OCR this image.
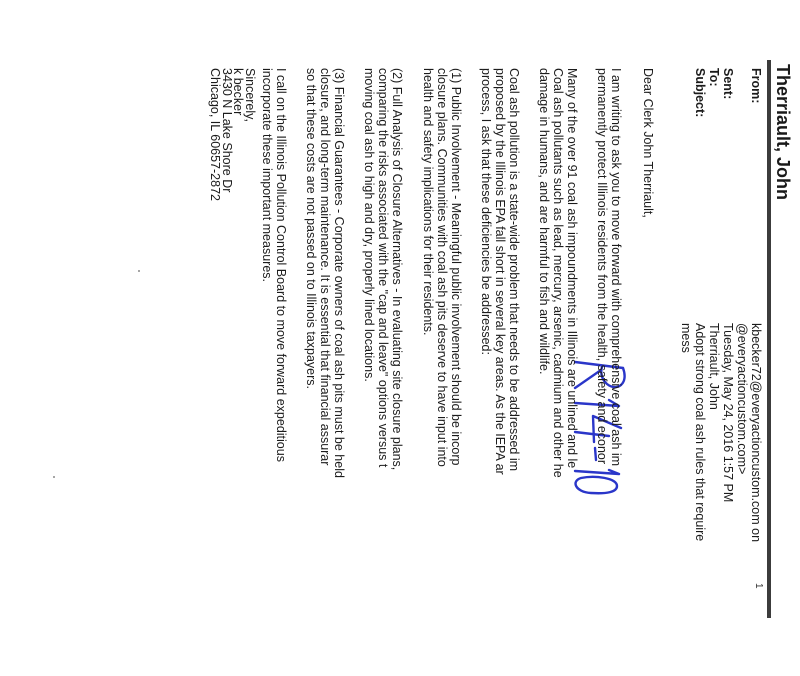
Therriault, John
From:
kbecker72@everyactioncustom.com on
@everyactioncustom.com>
Sent:
Tuesday, May 24, 2016 1:57 PM
To:
Therriault, John
Subject:
Adopt strong coal ash rules that require
mess
Dear Clerk John Therriault,
I am writing to ask you to move forward with comprehensive coal ash im
permanently protect Illinois residents from the health, safety and econor
Many of the over 91 coal ash impoundments in Illinois are unlined and le
Coal ash pollutants such as lead, mercury, arsenic, cadmium and other he
damage in humans, and are harmful to fish and wildlife.
Coal ash pollution is a state-wide problem that needs to be addressed im
proposed by the Illinois EPA fall short in several key areas. As the IEPA ar
process, I ask that these deficiencies be addressed:
(1) Public Involvement - Meaningful public involvement should be incorp
closure plans. Communities with coal ash pits deserve to have input into
health and safety implications for their residents.
(2) Full Analysis of Closure Alternatives - In evaluating site closure plans,
comparing the risks associated with the "cap and leave" options versus t
moving coal ash to high and dry, properly lined locations.
(3) Financial Guarantees - Corporate owners of coal ash pits must be held
closure, and long-term maintenance. It is essential that financial assurar
so that these costs are not passed on to Illinois taxpayers.
I call on the Illinois Pollution Control Board to move forward expeditious
incorporate these important measures.
Sincerely,
k becker
3430 N Lake Shore Dr
Chicago, IL 60657-2872
1
